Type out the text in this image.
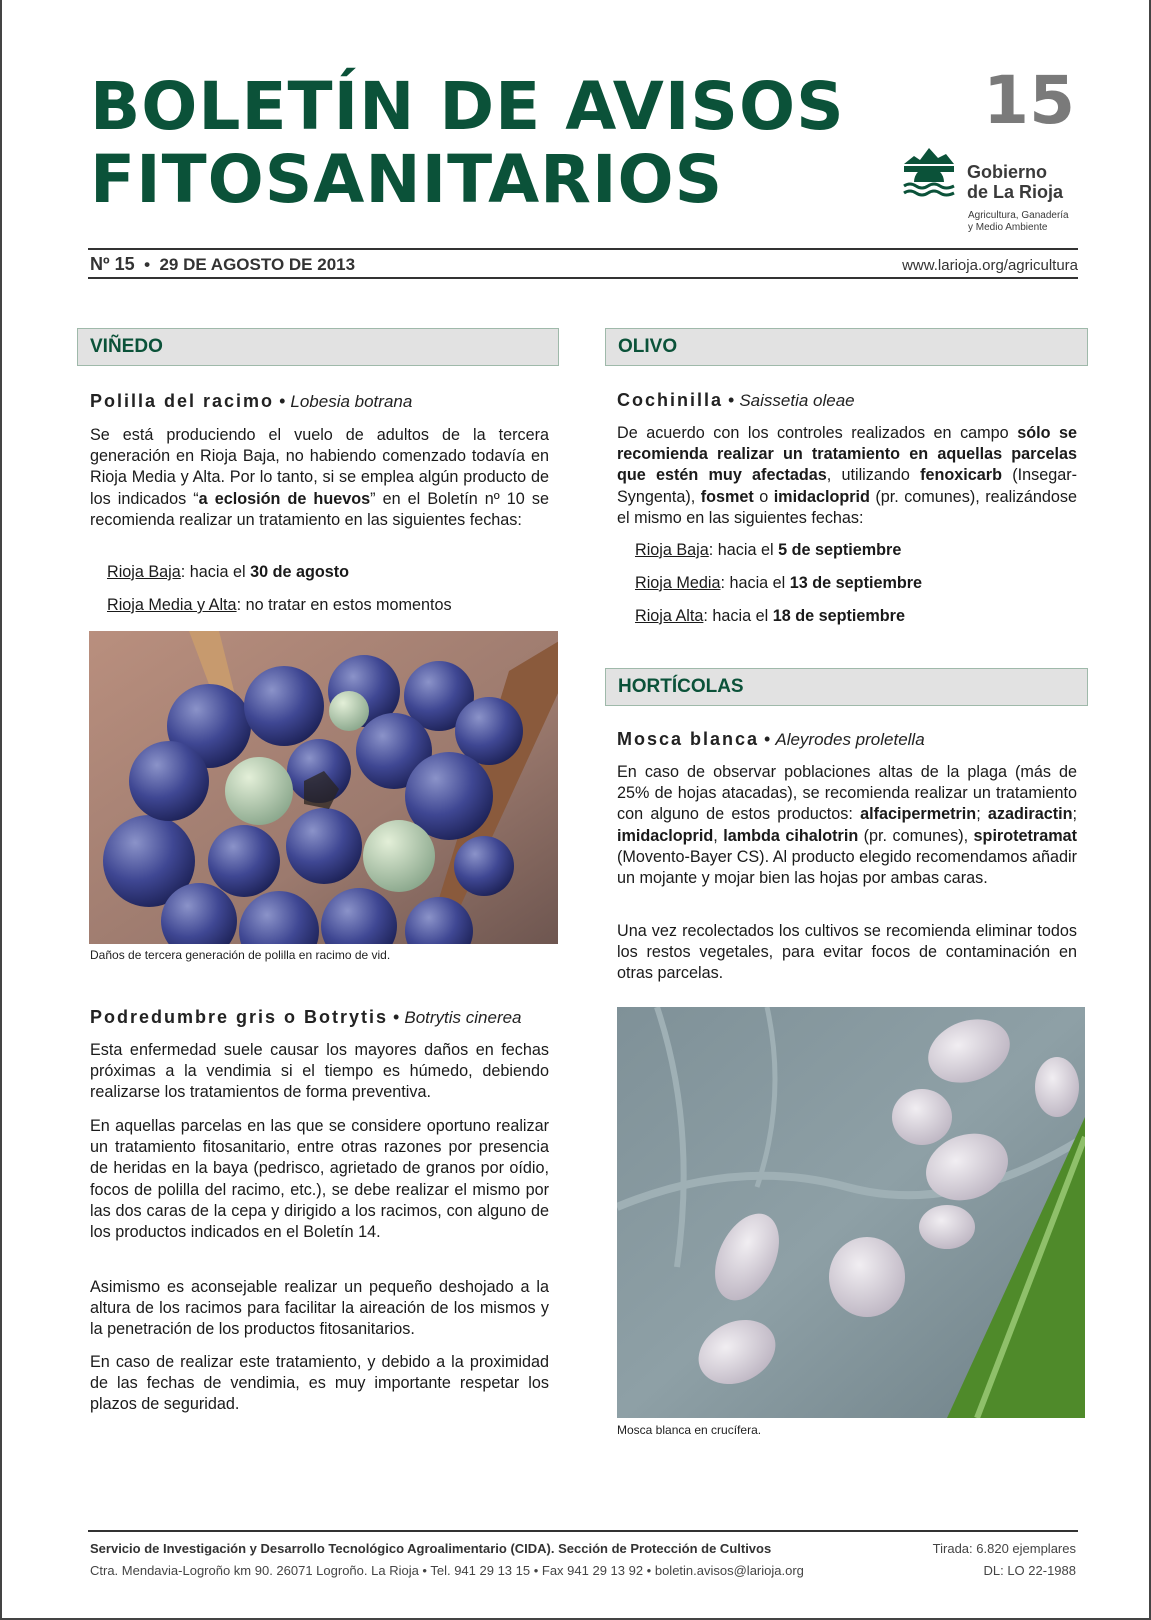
BOLETÍN DE AVISOS
FITOSANITARIOS
15
Gobierno
de La Rioja
Agricultura, Ganadería
y Medio Ambiente
Nº 15 • 29 DE AGOSTO DE 2013	www.larioja.org/agricultura
VIÑEDO
Polilla del racimo • Lobesia botrana

Se está produciendo el vuelo de adultos de la tercera generación en Rioja Baja, no habiendo comenzado todavía en Rioja Media y Alta. Por lo tanto, si se emplea algún producto de los indicados “a eclosión de huevos” en el Boletín nº 10 se recomienda realizar un tratamiento en las siguientes fechas:

Rioja Baja: hacia el 30 de agosto
Rioja Media y Alta: no tratar en estos momentos
Daños de tercera generación de polilla en racimo de vid.
Podredumbre gris o Botrytis • Botrytis cinerea

Esta enfermedad suele causar los mayores daños en fechas próximas a la vendimia si el tiempo es húmedo, debiendo realizarse los tratamientos de forma preventiva.

En aquellas parcelas en las que se considere oportuno realizar un tratamiento fitosanitario, entre otras razones por presencia de heridas en la baya (pedrisco, agrietado de granos por oídio, focos de polilla del racimo, etc.), se debe realizar el mismo por las dos caras de la cepa y dirigido a los racimos, con alguno de los productos indicados en el Boletín 14.

Asimismo es aconsejable realizar un pequeño deshojado a la altura de los racimos para facilitar la aireación de los mismos y la penetración de los productos fitosanitarios.

En caso de realizar este tratamiento, y debido a la proximidad de las fechas de vendimia, es muy importante respetar los plazos de seguridad.

OLIVO
Cochinilla • Saissetia oleae

De acuerdo con los controles realizados en campo sólo se recomienda realizar un tratamiento en aquellas parcelas que estén muy afectadas, utilizando fenoxicarb (Insegar-Syngenta), fosmet o imidacloprid (pr. comunes), realizándose el mismo en las siguientes fechas:

Rioja Baja: hacia el 5 de septiembre
Rioja Media: hacia el 13 de septiembre
Rioja Alta: hacia el 18 de septiembre
HORTÍCOLAS
Mosca blanca • Aleyrodes proletella

En caso de observar poblaciones altas de la plaga (más de 25% de hojas atacadas), se recomienda realizar un tratamiento con alguno de estos productos: alfacipermetrin; azadiractin; imidacloprid, lambda cihalotrin (pr. comunes), spirotetramat (Movento-Bayer CS). Al producto elegido recomendamos añadir un mojante y mojar bien las hojas por ambas caras.

Una vez recolectados los cultivos se recomienda eliminar todos los restos vegetales, para evitar focos de contaminación en otras parcelas.

Mosca blanca en crucífera.
Servicio de Investigación y Desarrollo Tecnológico Agroalimentario (CIDA). Sección de Protección de Cultivos
Ctra. Mendavia-Logroño km 90. 26071 Logroño. La Rioja • Tel. 941 29 13 15 • Fax 941 29 13 92 • boletin.avisos@larioja.org
Tirada: 6.820 ejemplares
DL: LO 22-1988
